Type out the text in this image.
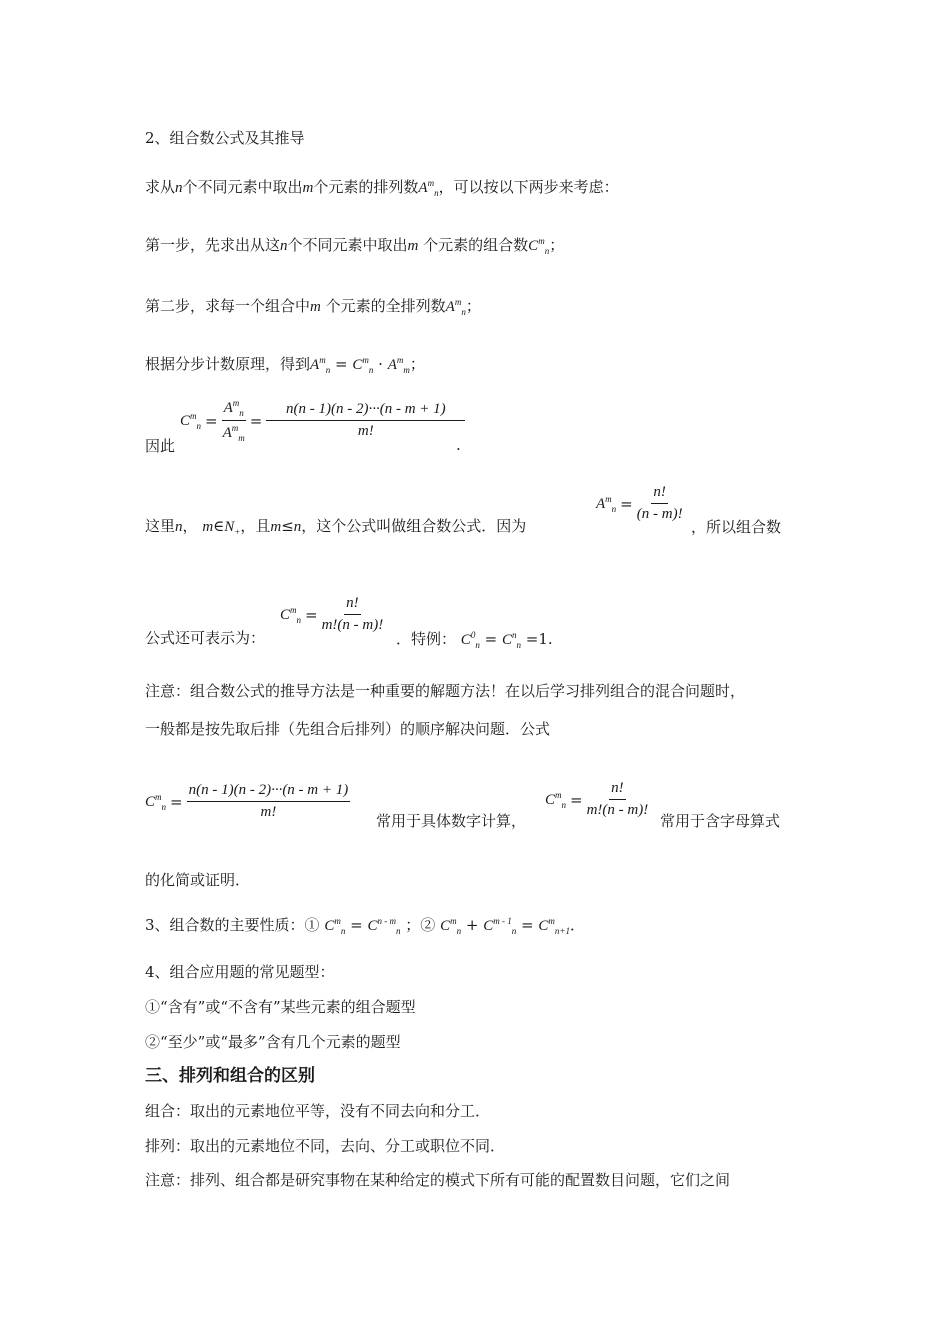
2、组合数公式及其推导
求从n个不同元素中取出m个元素的排列数$A^m_n$，可以按以下两步来考虑：
第一步，先求出从这n个不同元素中取出m 个元素的组合数$C^m_n$；
第二步，求每一个组合中m 个元素的全排列数$A^m_n$；
根据分步计数原理，得到$A^m_n = C^m_n \cdot A^m_m$；
$C^m_n = \frac{A^m_n}{A^m_m} = \frac{n(n - 1)(n - 2)\cdot\cdot\cdot(n - m + 1)}{m!}$
因此	.
这里n， $m\in N_+$，且m≤n，这个公式叫做组合数公式．因为
$A^m_n = \frac{n!}{(n - m)!}$
，所以组合数
公式还可表示为：
$C^m_n = \frac{n!}{m!(n - m)!}$
．特例： $C^0_n = C^n_n =1$.
注意：组合数公式的推导方法是一种重要的解题方法！在以后学习排列组合的混合问题时，
一般都是按先取后排（先组合后排列）的顺序解决问题．公式
$C^m_n = \frac{n(n - 1)(n - 2)\cdot\cdot\cdot(n - m + 1)}{m!}$ 常用于具体数字计算，
$C^m_n = \frac{n!}{m!(n - m)!}$
常用于含字母算式
的化简或证明．
3、组合数的主要性质：① $C^m_n = C^{n - m}_n$ ；② $C^m_n + C^{m - 1}_n = C^m_{n+1}$．
4、组合应用题的常见题型：
①“含有”或“不含有”某些元素的组合题型
②“至少”或“最多”含有几个元素的题型
三、排列和组合的区别
组合：取出的元素地位平等，没有不同去向和分工．
排列：取出的元素地位不同，去向、分工或职位不同．
注意：排列、组合都是研究事物在某种给定的模式下所有可能的配置数目问题，它们之间
